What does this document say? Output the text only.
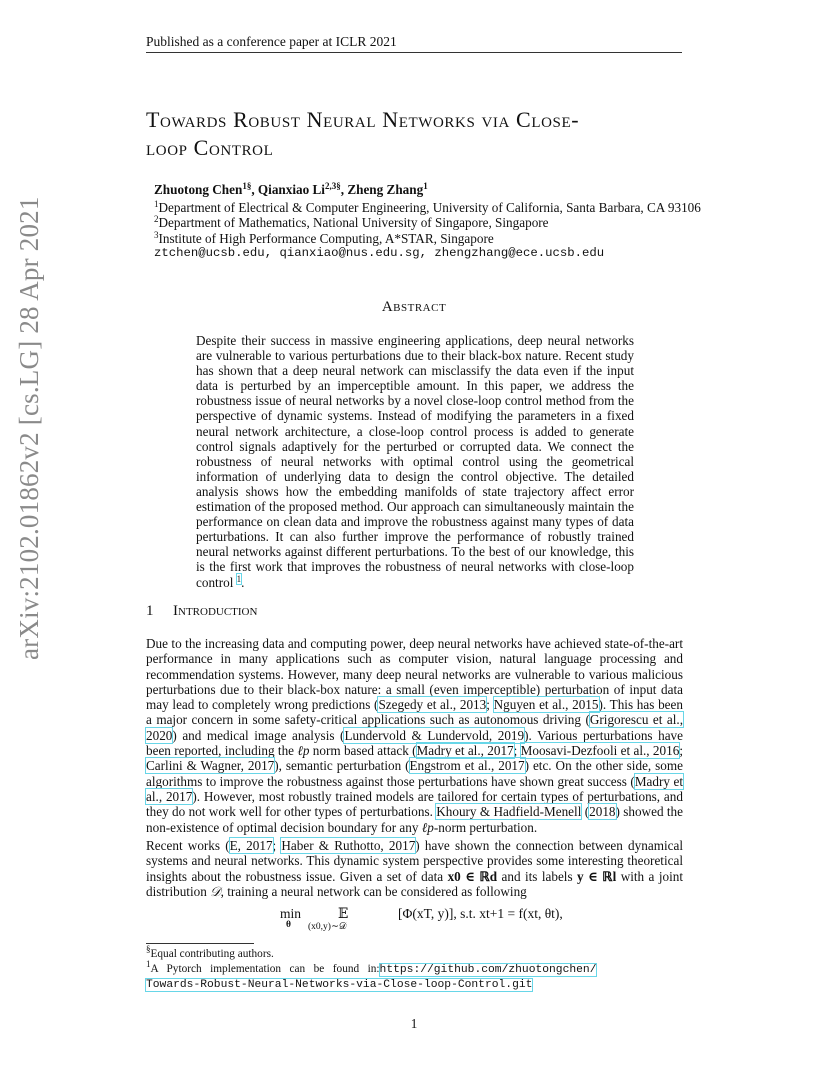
Published as a conference paper at ICLR 2021
arXiv:2102.01862v2 [cs.LG] 28 Apr 2021
Towards Robust Neural Networks via Close-
loop Control
Zhuotong Chen$^{1\S}$, Qianxiao $Li^{2,3\S}$, Zheng Zhang$^1$
$^1$Department of Electrical & Computer Engineering, University of California, Santa Barbara, CA 93106
$^2$Department of Mathematics, National University of Singapore, Singapore
$^3$Institute of High Performance Computing, A*STAR, Singapore
ztchen@ucsb.edu, qianxiao@nus.edu.sg, zhengzhang@ece.ucsb.edu
Abstract
Despite their success in massive engineering applications, deep neural networks are vulnerable to various perturbations due to their black-box nature. Recent study has shown that a deep neural network can misclassify the data even if the input data is perturbed by an imperceptible amount. In this paper, we address the robustness issue of neural networks by a novel close-loop control method from the perspective of dynamic systems. Instead of modifying the parameters in a fixed neural network architecture, a close-loop control process is added to generate control signals adaptively for the perturbed or corrupted data. We connect the robustness of neural networks with optimal control using the geometrical information of underlying data to design the control objective. The detailed analysis shows how the embedding manifolds of state trajectory affect error estimation of the proposed method. Our approach can simultaneously maintain the performance on clean data and improve the robustness against many types of data perturbations. It can also further improve the performance of robustly trained neural networks against different perturbations. To the best of our knowledge, this is the first work that improves the robustness of neural networks with close-loop control $^1$.
1 Introduction
Due to the increasing data and computing power, deep neural networks have achieved state-of-the-art performance in many applications such as computer vision, natural language processing and recommendation systems. However, many deep neural networks are vulnerable to various malicious perturbations due to their black-box nature: a small (even imperceptible) perturbation of input data may lead to completely wrong predictions (Szegedy et al., 2013; Nguyen et al., 2015). This has been a major concern in some safety-critical applications such as autonomous driving (Grigorescu et al., 2020) and medical image analysis (Lundervold & Lundervold, 2019). Various perturbations have been reported, including the ℓp norm based attack (Madry et al., 2017; Moosavi-Dezfooli et al., 2016; Carlini & Wagner, 2017), semantic perturbation (Engstrom et al., 2017) etc. On the other side, some algorithms to improve the robustness against those perturbations have shown great success (Madry et al., 2017). However, most robustly trained models are tailored for certain types of perturbations, and they do not work well for other types of perturbations. Khoury & Hadfield-Menell (2018) showed the non-existence of optimal decision boundary for any ℓp-norm perturbation.
Recent works (E, 2017; Haber & Ruthotto, 2017) have shown the connection between dynamical systems and neural networks. This dynamic system perspective provides some interesting theoretical insights about the robustness issue. Given a set of data x0 ∈ ℝd and its labels y ∈ ℝl with a joint distribution 𝒟, training a neural network can be considered as following
min
θ
𝔼
(x0,y)∼𝒟
[Φ(xT, y)], s.t. xt+1 = f(xt, θt),
§Equal contributing authors.
$^1$A   Pytorch   implementation   can   be   found   in:https://github.com/zhuotongchen/
Towards-Robust-Neural-Networks-via-Close-loop-Control.git
1
